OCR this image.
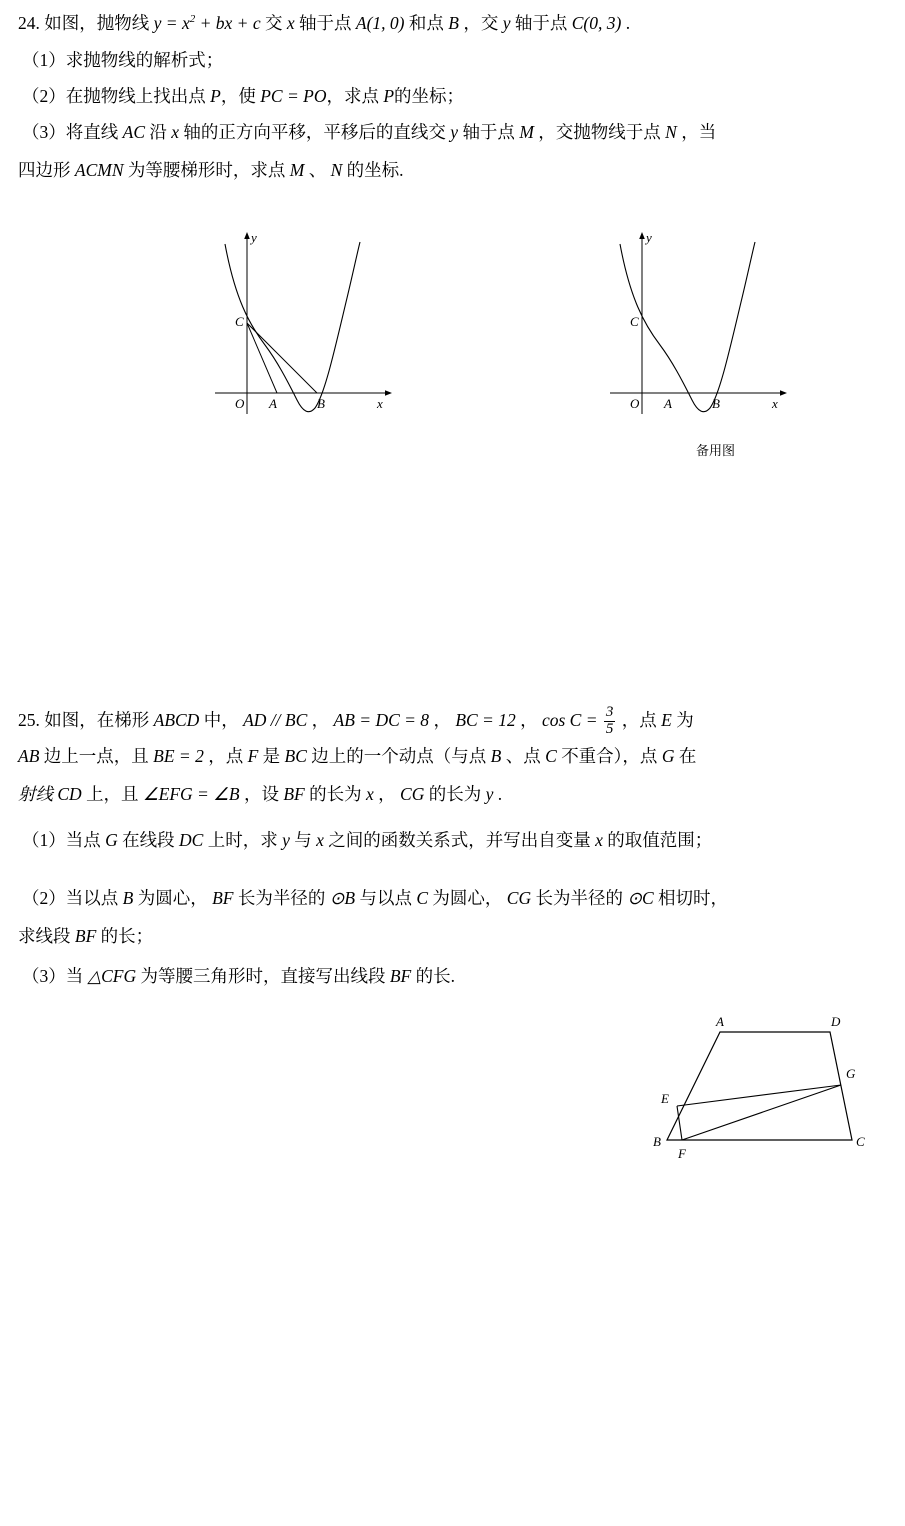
24. 如图，抛物线 $y = x^2$ + bx + c 交 x 轴于点 A(1, 0) 和点 B ，交 y 轴于点 C(0, 3) .
（1）求抛物线的解析式；
（2）在抛物线上找出点 P，使 PC = PO，求点 P的坐标；
（3）将直线 AC 沿 x 轴的正方向平移，平移后的直线交 y 轴于点 M ，交抛物线于点 N ，当
四边形 ACMN 为等腰梯形时，求点 M 、 N 的坐标.
C
O A	B	x
y
C
O A	B	x
y
备用图
25. 如图，在梯形 ABCD 中， AD // BC ， AB = DC = 8 ， BC = 12 ， $\cos C = \frac{3}{5}$ ，点 E 为
AB 边上一点，且 BE = 2 ，点 F 是 BC 边上的一个动点（与点 B 、点 C 不重合），点 G 在
射线 CD 上，且 ∠EFG = ∠B ，设 BF 的长为 x ， CG 的长为 y .
（1）当点 G 在线段 DC 上时，求 y 与 x 之间的函数关系式，并写出自变量 x 的取值范围；
（2）当以点 B 为圆心， BF 长为半径的 ⊙B 与以点 C 为圆心， CG 长为半径的 ⊙C 相切时，
求线段 BF 的长；
（3）当 △CFG 为等腰三角形时，直接写出线段 BF 的长.
A	D
G
E
B
F
C
